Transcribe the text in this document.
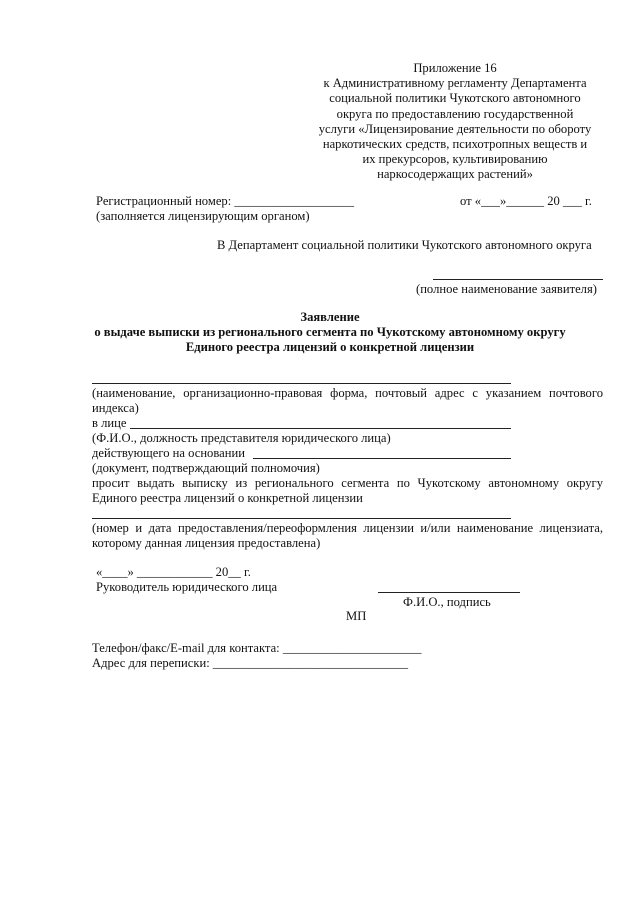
Приложение 16
к Административному регламенту Департамента
социальной политики Чукотского автономного
округа по предоставлению государственной
услуги «Лицензирование деятельности по обороту
наркотических средств, психотропных веществ и
их прекурсоров, культивированию
наркосодержащих растений»
Регистрационный номер: ___________________	от «___»______ 20 ___ г.
(заполняется лицензирующим органом)
В Департамент социальной политики Чукотского автономного округа
(полное наименование заявителя)
Заявление
о выдаче выписки из регионального сегмента по Чукотскому автономному округу
Единого реестра лицензий о конкретной лицензии
(наименование, организационно-правовая форма, почтовый адрес с указанием почтового
индекса)
в лице
(Ф.И.О., должность представителя юридического лица)
действующего на основании
(документ, подтверждающий полномочия)
просит выдать выписку из регионального сегмента по Чукотскому автономному округу
Единого реестра лицензий о конкретной лицензии
(номер и дата предоставления/переоформления лицензии и/или наименование лицензиата,
которому данная лицензия предоставлена)
«____» ____________ 20__ г.
Руководитель юридического лица
Ф.И.О., подпись
МП
Телефон/факс/E-mail для контакта: ______________________
Адрес для переписки: _______________________________
